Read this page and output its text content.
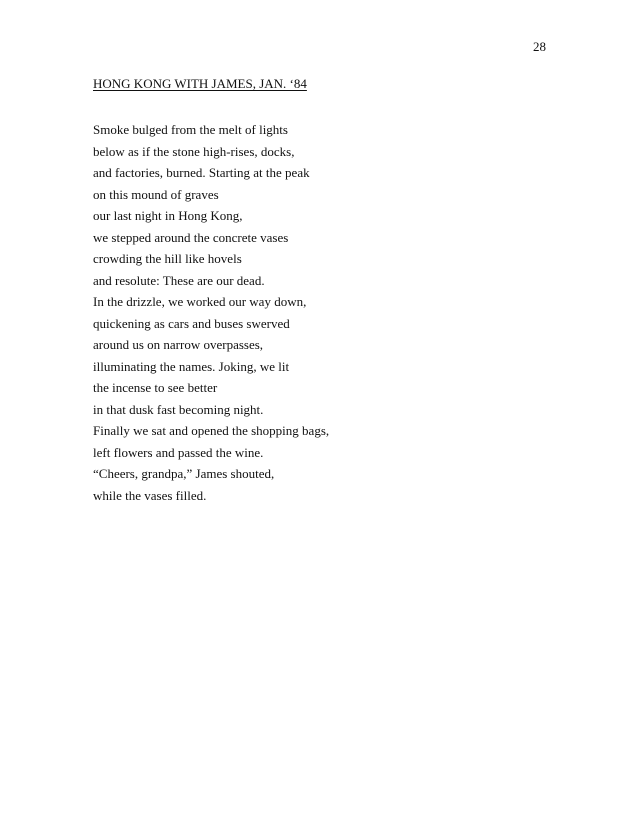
28
HONG KONG WITH JAMES, JAN. ‘84
Smoke bulged from the melt of lights
below as if the stone high-rises, docks,
and factories, burned. Starting at the peak
on this mound of graves
our last night in Hong Kong,
we stepped around the concrete vases
crowding the hill like hovels
and resolute: These are our dead.
In the drizzle, we worked our way down,
quickening as cars and buses swerved
around us on narrow overpasses,
illuminating the names. Joking, we lit
the incense to see better
in that dusk fast becoming night.
Finally we sat and opened the shopping bags,
left flowers and passed the wine.
“Cheers, grandpa,” James shouted,
while the vases filled.
